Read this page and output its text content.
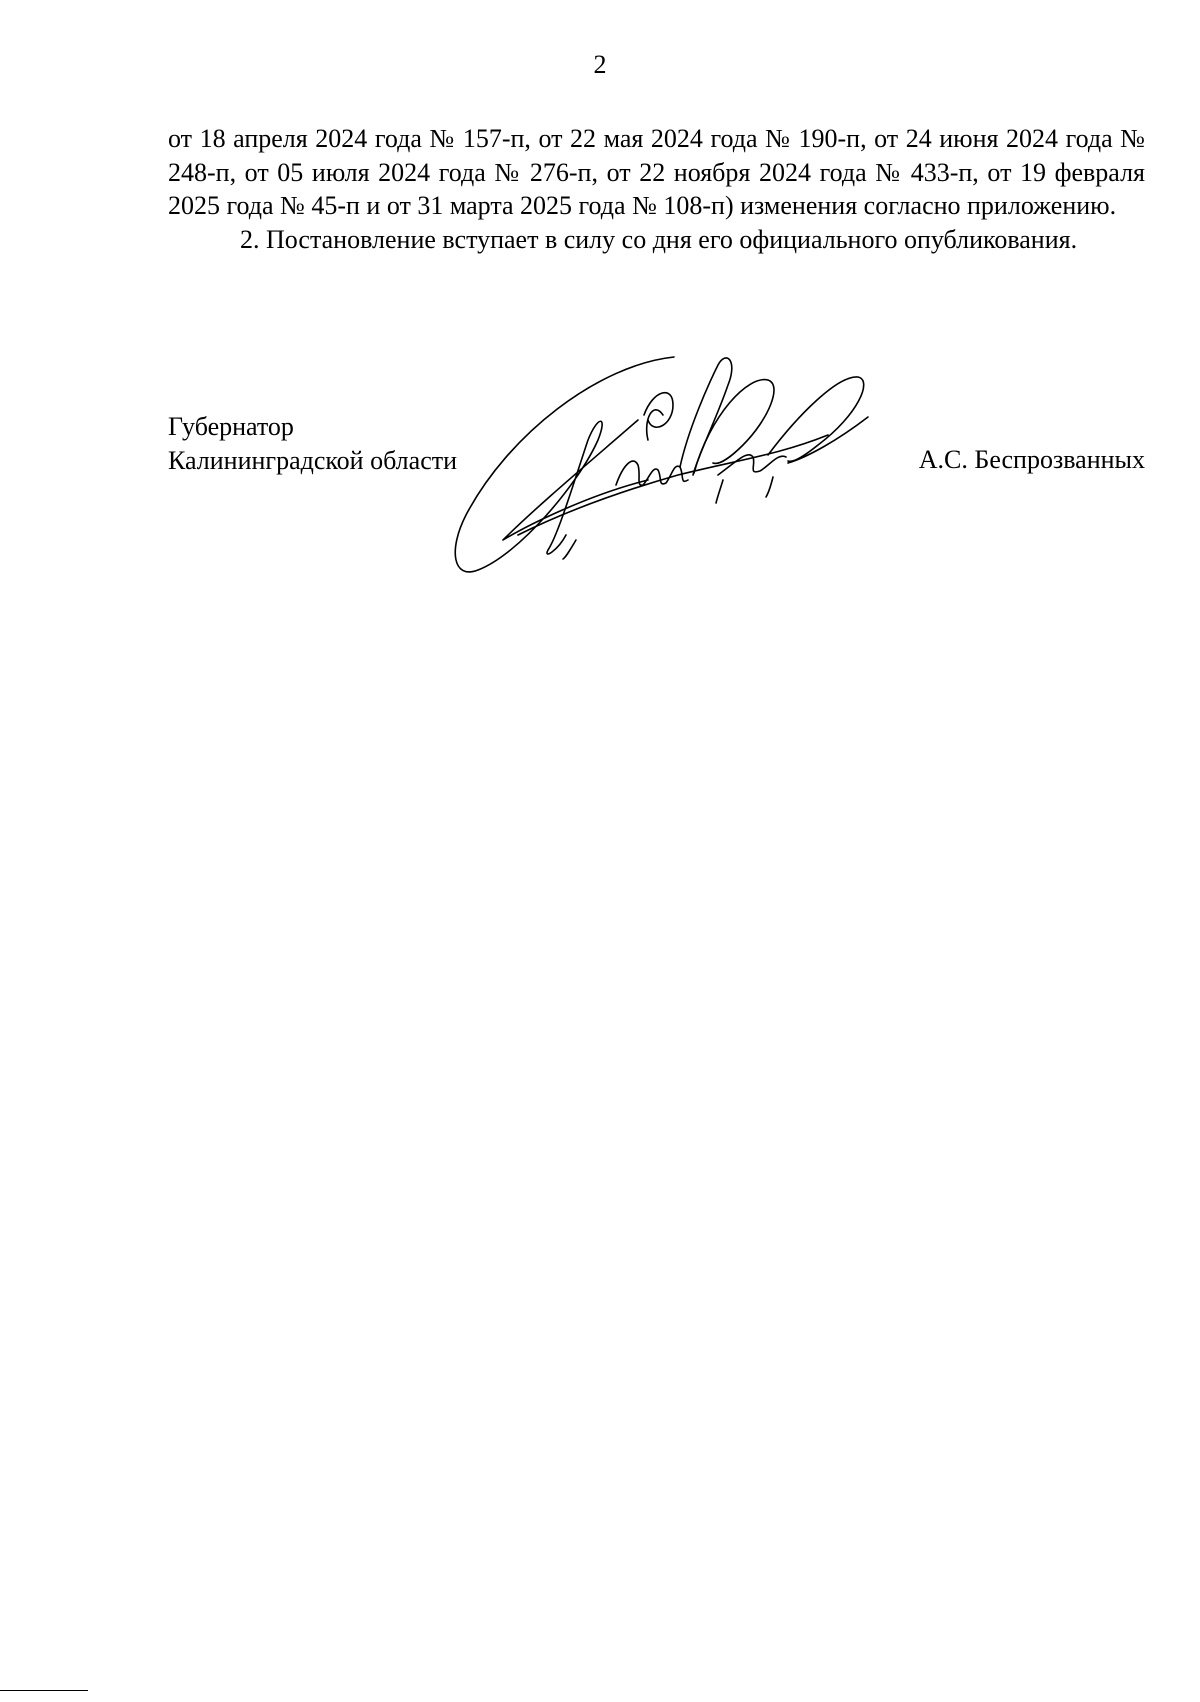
2

от 18 апреля 2024 года № 157-п, от 22 мая 2024 года № 190-п, от 24 июня 2024 года № 248-п, от 05 июля 2024 года № 276-п, от 22 ноября 2024 года № 433-п, от 19 февраля 2025 года № 45-п и от 31 марта 2025 года № 108-п) изменения согласно приложению.

2. Постановление вступает в силу со дня его официального опубликования.

Губернатор
Калининградской области	А.С. Беспрозванных
